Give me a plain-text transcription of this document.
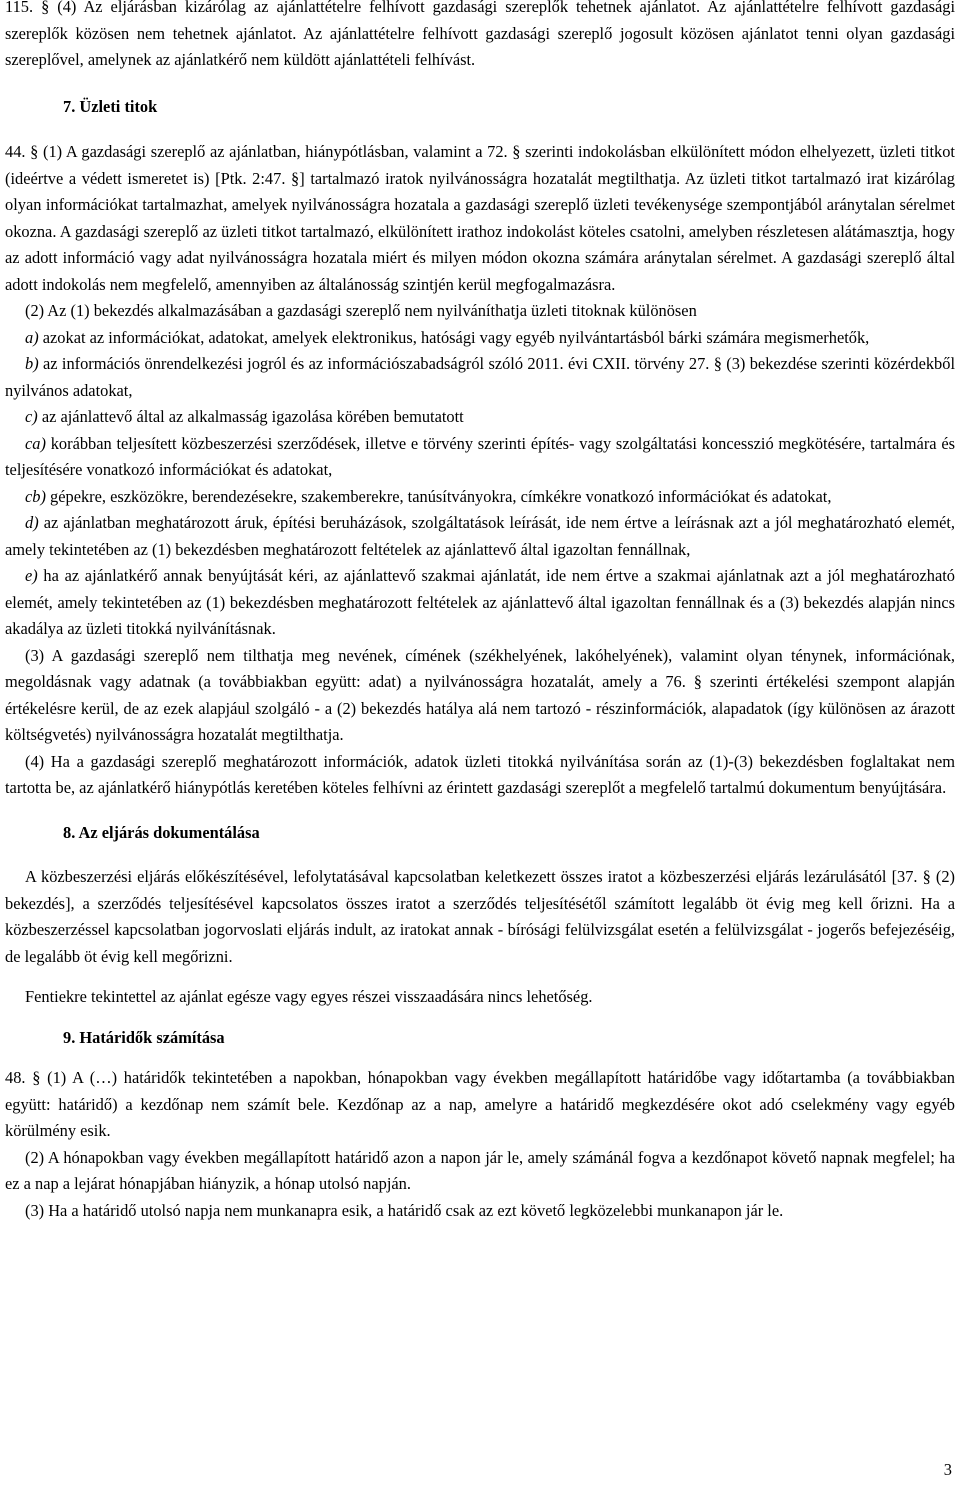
115. § (4) Az eljárásban kizárólag az ajánlattételre felhívott gazdasági szereplők tehetnek ajánlatot. Az ajánlattételre felhívott gazdasági szereplők közösen nem tehetnek ajánlatot. Az ajánlattételre felhívott gazdasági szereplő jogosult közösen ajánlatot tenni olyan gazdasági szereplővel, amelynek az ajánlatkérő nem küldött ajánlattételi felhívást.

7. Üzleti titok

44. § (1) A gazdasági szereplő az ajánlatban, hiánypótlásban, valamint a 72. § szerinti indokolásban elkülönített módon elhelyezett, üzleti titkot (ideértve a védett ismeretet is) [Ptk. 2:47. §] tartalmazó iratok nyilvánosságra hozatalát megtilthatja. Az üzleti titkot tartalmazó irat kizárólag olyan információkat tartalmazhat, amelyek nyilvánosságra hozatala a gazdasági szereplő üzleti tevékenysége szempontjából aránytalan sérelmet okozna. A gazdasági szereplő az üzleti titkot tartalmazó, elkülönített irathoz indokolást köteles csatolni, amelyben részletesen alátámasztja, hogy az adott információ vagy adat nyilvánosságra hozatala miért és milyen módon okozna számára aránytalan sérelmet. A gazdasági szereplő által adott indokolás nem megfelelő, amennyiben az általánosság szintjén kerül megfogalmazásra.

(2) Az (1) bekezdés alkalmazásában a gazdasági szereplő nem nyilváníthatja üzleti titoknak különösen

a) azokat az információkat, adatokat, amelyek elektronikus, hatósági vagy egyéb nyilvántartásból bárki számára megismerhetők,

b) az információs önrendelkezési jogról és az információszabadságról szóló 2011. évi CXII. törvény 27. § (3) bekezdése szerinti közérdekből nyilvános adatokat,

c) az ajánlattevő által az alkalmasság igazolása körében bemutatott

ca) korábban teljesített közbeszerzési szerződések, illetve e törvény szerinti építés- vagy szolgáltatási koncesszió megkötésére, tartalmára és teljesítésére vonatkozó információkat és adatokat,

cb) gépekre, eszközökre, berendezésekre, szakemberekre, tanúsítványokra, címkékre vonatkozó információkat és adatokat,

d) az ajánlatban meghatározott áruk, építési beruházások, szolgáltatások leírását, ide nem értve a leírásnak azt a jól meghatározható elemét, amely tekintetében az (1) bekezdésben meghatározott feltételek az ajánlattevő által igazoltan fennállnak,

e) ha az ajánlatkérő annak benyújtását kéri, az ajánlattevő szakmai ajánlatát, ide nem értve a szakmai ajánlatnak azt a jól meghatározható elemét, amely tekintetében az (1) bekezdésben meghatározott feltételek az ajánlattevő által igazoltan fennállnak és a (3) bekezdés alapján nincs akadálya az üzleti titokká nyilvánításnak.

(3) A gazdasági szereplő nem tilthatja meg nevének, címének (székhelyének, lakóhelyének), valamint olyan ténynek, információnak, megoldásnak vagy adatnak (a továbbiakban együtt: adat) a nyilvánosságra hozatalát, amely a 76. § szerinti értékelési szempont alapján értékelésre kerül, de az ezek alapjául szolgáló - a (2) bekezdés hatálya alá nem tartozó - részinformációk, alapadatok (így különösen az árazott költségvetés) nyilvánosságra hozatalát megtilthatja.

(4) Ha a gazdasági szereplő meghatározott információk, adatok üzleti titokká nyilvánítása során az (1)-(3) bekezdésben foglaltakat nem tartotta be, az ajánlatkérő hiánypótlás keretében köteles felhívni az érintett gazdasági szereplőt a megfelelő tartalmú dokumentum benyújtására.

8. Az eljárás dokumentálása

A közbeszerzési eljárás előkészítésével, lefolytatásával kapcsolatban keletkezett összes iratot a közbeszerzési eljárás lezárulásától [37. § (2) bekezdés], a szerződés teljesítésével kapcsolatos összes iratot a szerződés teljesítésétől számított legalább öt évig meg kell őrizni. Ha a közbeszerzéssel kapcsolatban jogorvoslati eljárás indult, az iratokat annak - bírósági felülvizsgálat esetén a felülvizsgálat - jogerős befejezéséig, de legalább öt évig kell megőrizni.

Fentiekre tekintettel az ajánlat egésze vagy egyes részei visszaadására nincs lehetőség.

9. Határidők számítása

48. § (1) A (…) határidők tekintetében a napokban, hónapokban vagy években megállapított határidőbe vagy időtartamba (a továbbiakban együtt: határidő) a kezdőnap nem számít bele. Kezdőnap az a nap, amelyre a határidő megkezdésére okot adó cselekmény vagy egyéb körülmény esik.

(2) A hónapokban vagy években megállapított határidő azon a napon jár le, amely számánál fogva a kezdőnapot követő napnak megfelel; ha ez a nap a lejárat hónapjában hiányzik, a hónap utolsó napján.

(3) Ha a határidő utolsó napja nem munkanapra esik, a határidő csak az ezt követő legközelebbi munkanapon jár le.

3
